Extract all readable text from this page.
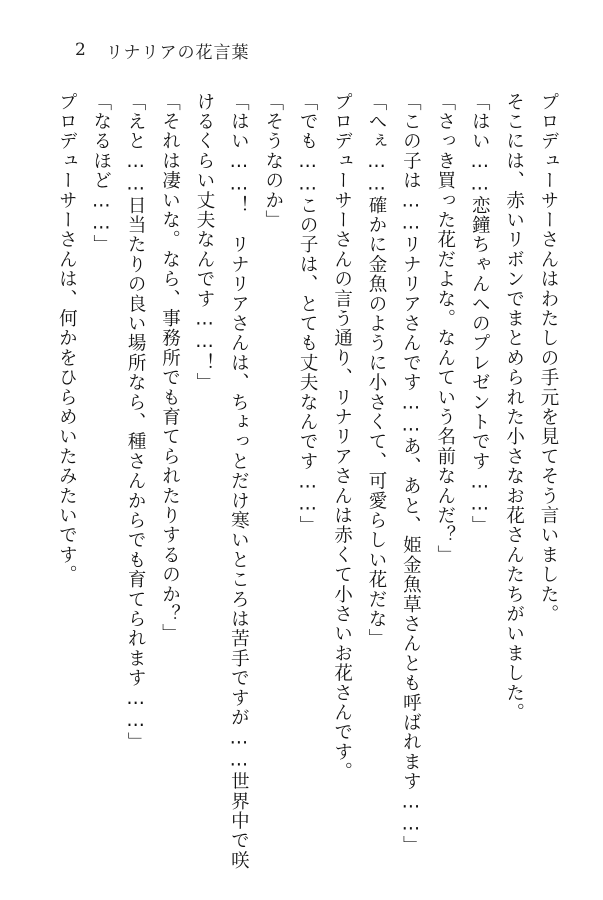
2 リナリアの花言葉
プロデューサーさんはわたしの手元を見てそう言いました。
そこには、赤いリボンでまとめられた小さなお花さんたちがいました。
「はい……恋鐘ちゃんへのプレゼントです……」
「さっき買った花だよな。なんていう名前なんだ？」
「この子は……リナリアさんです……あ、あと、姫金魚草さんとも呼ばれます……」
「へぇ……確かに金魚のように小さくて、可愛らしい花だな」
プロデューサーさんの言う通り、リナリアさんは赤くて小さいお花さんです。
「でも……この子は、とても丈夫なんです……」
「そうなのか」
「はい……！　リナリアさんは、ちょっとだけ寒いところは苦手ですが……世界中で咲
けるくらい丈夫なんです……！」
「それは凄いな。なら、事務所でも育てられたりするのか？」
「えと……日当たりの良い場所なら、種さんからでも育てられます……」
「なるほど……」
プロデューサーさんは、何かをひらめいたみたいです。
